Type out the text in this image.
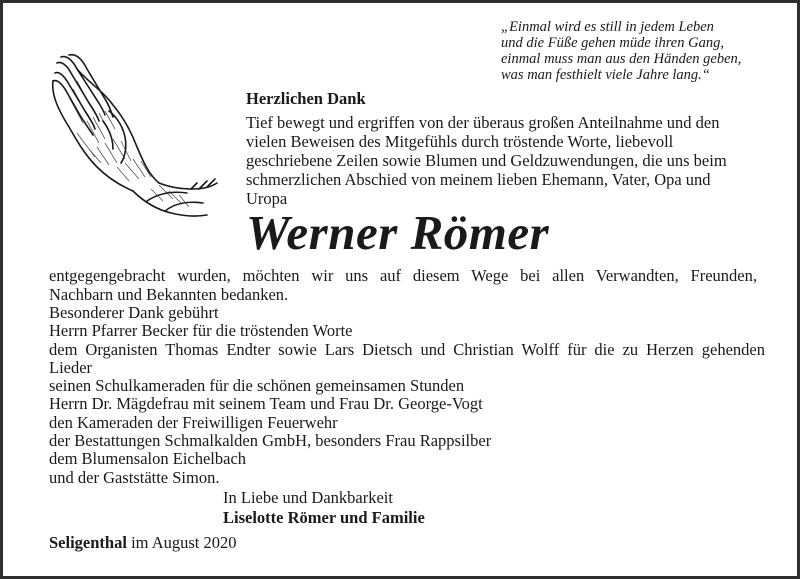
„Einmal wird es still in jedem Leben
und die Füße gehen müde ihren Gang,
einmal muss man aus den Händen geben,
was man festhielt viele Jahre lang.“
Herzlichen Dank
Tief bewegt und ergriffen von der überaus großen Anteilnahme und den
vielen Beweisen des Mitgefühls durch tröstende Worte, liebevoll
geschriebene Zeilen sowie Blumen und Geldzuwendungen, die uns beim
schmerzlichen Abschied von meinem lieben Ehemann, Vater, Opa und
Uropa
Werner Römer
entgegengebracht wurden, möchten wir uns auf diesem Wege bei allen Verwandten, Freunden,
Nachbarn und Bekannten bedanken.
Besonderer Dank gebührt
Herrn Pfarrer Becker für die tröstenden Worte
dem Organisten Thomas Endter sowie Lars Dietsch und Christian Wolff für die zu Herzen gehenden
Lieder
seinen Schulkameraden für die schönen gemeinsamen Stunden
Herrn Dr. Mägdefrau mit seinem Team und Frau Dr. George-Vogt
den Kameraden der Freiwilligen Feuerwehr
der Bestattungen Schmalkalden GmbH, besonders Frau Rappsilber
dem Blumensalon Eichelbach
und der Gaststätte Simon.
In Liebe und Dankbarkeit
Liselotte Römer und Familie
Seligenthal im August 2020
